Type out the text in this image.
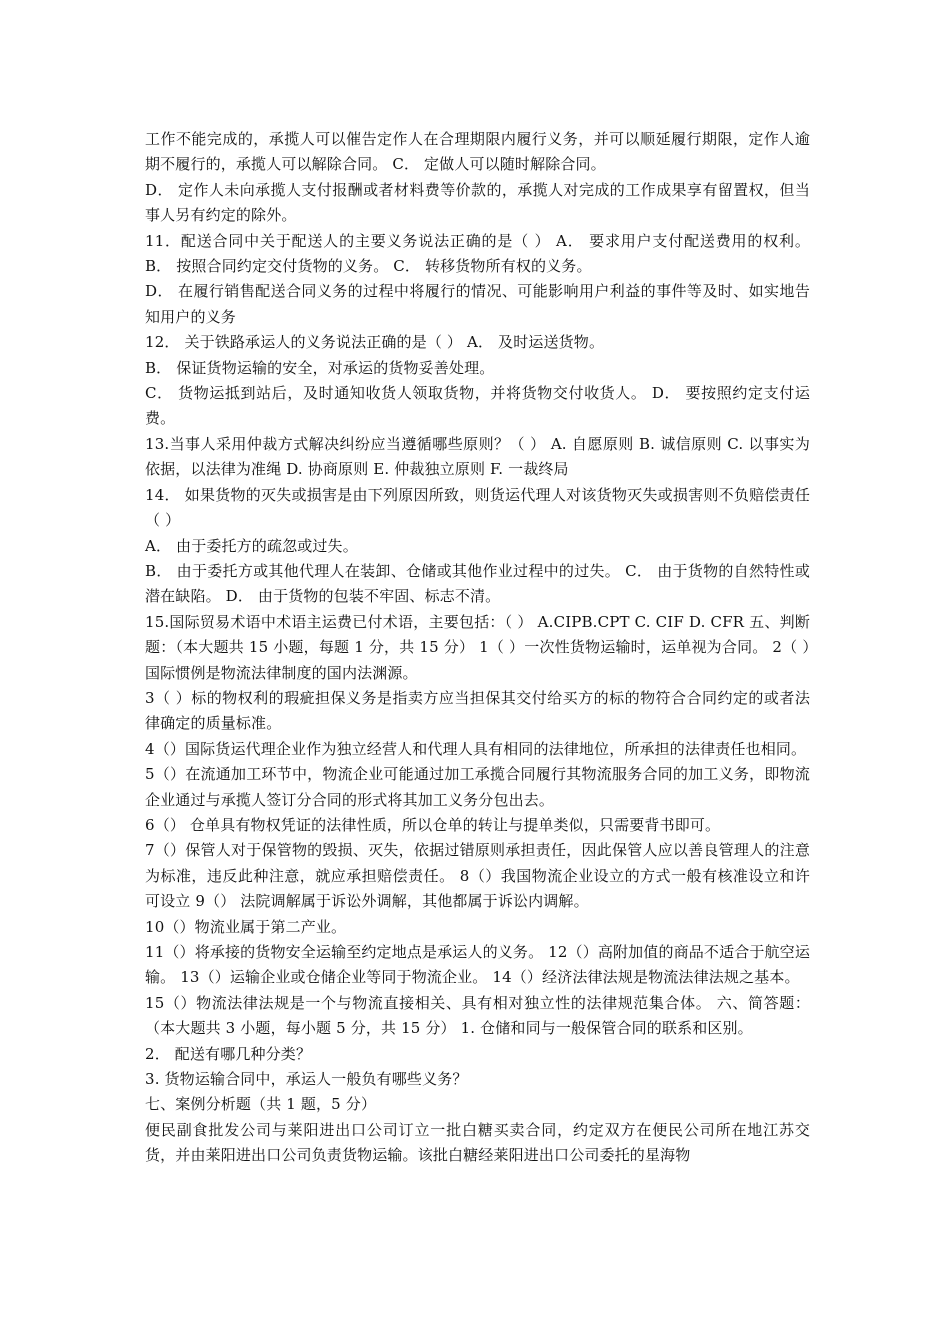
工作不能完成的，承揽人可以催告定作人在合理期限内履行义务，并可以顺延履行期限，定作人逾期不履行的，承揽人可以解除合同。 C． 定做人可以随时解除合同。

D． 定作人未向承揽人支付报酬或者材料费等价款的，承揽人对完成的工作成果享有留置权，但当事人另有约定的除外。

11．配送合同中关于配送人的主要义务说法正确的是（ ） A． 要求用户支付配送费用的权利。 B． 按照合同约定交付货物的义务。 C． 转移货物所有权的义务。

D． 在履行销售配送合同义务的过程中将履行的情况、可能影响用户利益的事件等及时、如实地告知用户的义务

12． 关于铁路承运人的义务说法正确的是（ ） A． 及时运送货物。

B． 保证货物运输的安全，对承运的货物妥善处理。

C． 货物运抵到站后，及时通知收货人领取货物，并将货物交付收货人。 D． 要按照约定支付运费。

13.当事人采用仲裁方式解决纠纷应当遵循哪些原则？（ ） A. 自愿原则 B. 诚信原则 C. 以事实为依据，以法律为准绳 D. 协商原则 E. 仲裁独立原则 F. 一裁终局

14． 如果货物的灭失或损害是由下列原因所致，则货运代理人对该货物灭失或损害则不负赔偿责任（ ）

A． 由于委托方的疏忽或过失。

B． 由于委托方或其他代理人在装卸、仓储或其他作业过程中的过失。 C． 由于货物的自然特性或潜在缺陷。 D． 由于货物的包装不牢固、标志不清。

15.国际贸易术语中术语主运费已付术语，主要包括：（ ） A.CIPB.CPT C. CIF D. CFR 五、判断题：（本大题共 15 小题，每题 1 分，共 15 分） 1（ ）一次性货物运输时，运单视为合同。 2（ ）国际惯例是物流法律制度的国内法渊源。

3（ ）标的物权利的瑕疵担保义务是指卖方应当担保其交付给买方的标的物符合合同约定的或者法律确定的质量标准。

4（）国际货运代理企业作为独立经营人和代理人具有相同的法律地位，所承担的法律责任也相同。

5（）在流通加工环节中，物流企业可能通过加工承揽合同履行其物流服务合同的加工义务，即物流企业通过与承揽人签订分合同的形式将其加工义务分包出去。

6（） 仓单具有物权凭证的法律性质，所以仓单的转让与提单类似，只需要背书即可。

7（）保管人对于保管物的毁损、灭失，依据过错原则承担责任，因此保管人应以善良管理人的注意为标准，违反此种注意，就应承担赔偿责任。 8（）我国物流企业设立的方式一般有核准设立和许可设立 9（） 法院调解属于诉讼外调解，其他都属于诉讼内调解。

10（）物流业属于第二产业。

11（）将承接的货物安全运输至约定地点是承运人的义务。 12（）高附加值的商品不适合于航空运输。 13（）运输企业或仓储企业等同于物流企业。 14（）经济法律法规是物流法律法规之基本。

15（）物流法律法规是一个与物流直接相关、具有相对独立性的法律规范集合体。 六、简答题：（本大题共 3 小题，每小题 5 分，共 15 分） 1. 仓储和同与一般保管合同的联系和区别。

2． 配送有哪几种分类？

3. 货物运输合同中，承运人一般负有哪些义务？

七、案例分析题（共 1 题，5 分）

便民副食批发公司与莱阳进出口公司订立一批白糖买卖合同，约定双方在便民公司所在地江苏交货，并由莱阳进出口公司负责货物运输。该批白糖经莱阳进出口公司委托的星海物
